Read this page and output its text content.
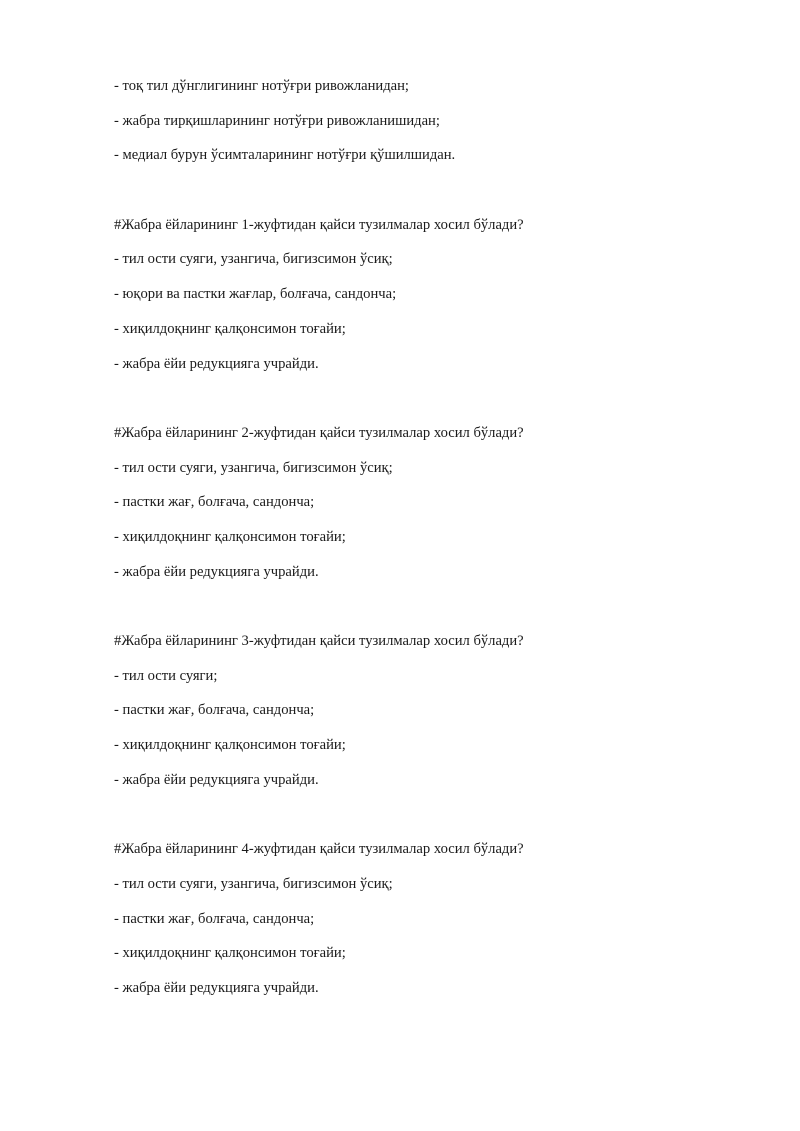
- тоқ тил дўнглигининг нотўғри ривожланидан;
- жабра тирқишларининг нотўғри ривожланишидан;
- медиал бурун ўсимталарининг нотўғри қўшилшидан.
#Жабра ёйларининг 1-жуфтидан қайси тузилмалар хосил бўлади?
- тил ости суяги, узангича, бигизсимон ўсиқ;
- юқори ва пастки жағлар, болғача, сандонча;
- хиқилдоқнинг қалқонсимон тоғайи;
- жабра ёйи редукцияга учрайди.
#Жабра ёйларининг 2-жуфтидан қайси тузилмалар хосил бўлади?
- тил ости суяги, узангича, бигизсимон ўсиқ;
- пастки жағ, болғача, сандонча;
- хиқилдоқнинг қалқонсимон тоғайи;
- жабра ёйи редукцияга учрайди.
#Жабра ёйларининг 3-жуфтидан қайси тузилмалар хосил бўлади?
- тил ости суяги;
- пастки жағ, болғача, сандонча;
- хиқилдоқнинг қалқонсимон тоғайи;
- жабра ёйи редукцияга учрайди.
#Жабра ёйларининг 4-жуфтидан қайси тузилмалар хосил бўлади?
- тил ости суяги, узангича, бигизсимон ўсиқ;
- пастки жағ, болғача, сандонча;
- хиқилдоқнинг қалқонсимон тоғайи;
- жабра ёйи редукцияга учрайди.
